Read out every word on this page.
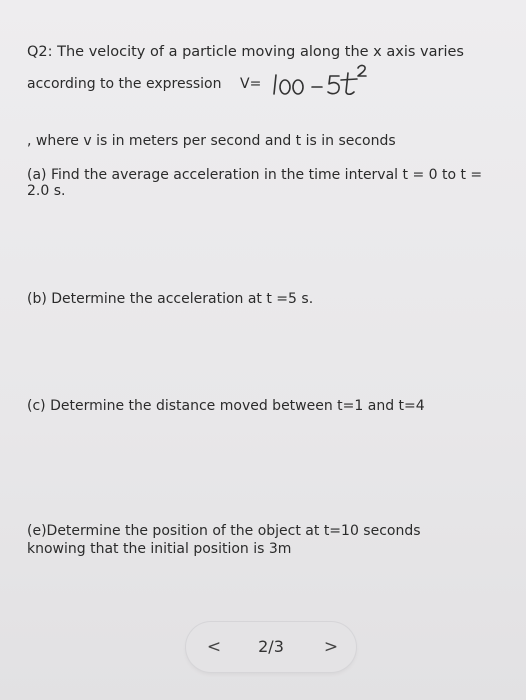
Q2: The velocity of a particle moving along the x axis varies
according to the expression V=
, where v is in meters per second and t is in seconds
(a) Find the average acceleration in the time interval t = 0 to t =
2.0 s.
(b) Determine the acceleration at t =5 s.
(c) Determine the distance moved between t=1 and t=4
(e)Determine the position of the object at t=10 seconds
knowing that the initial position is 3m
<	2/3	>
